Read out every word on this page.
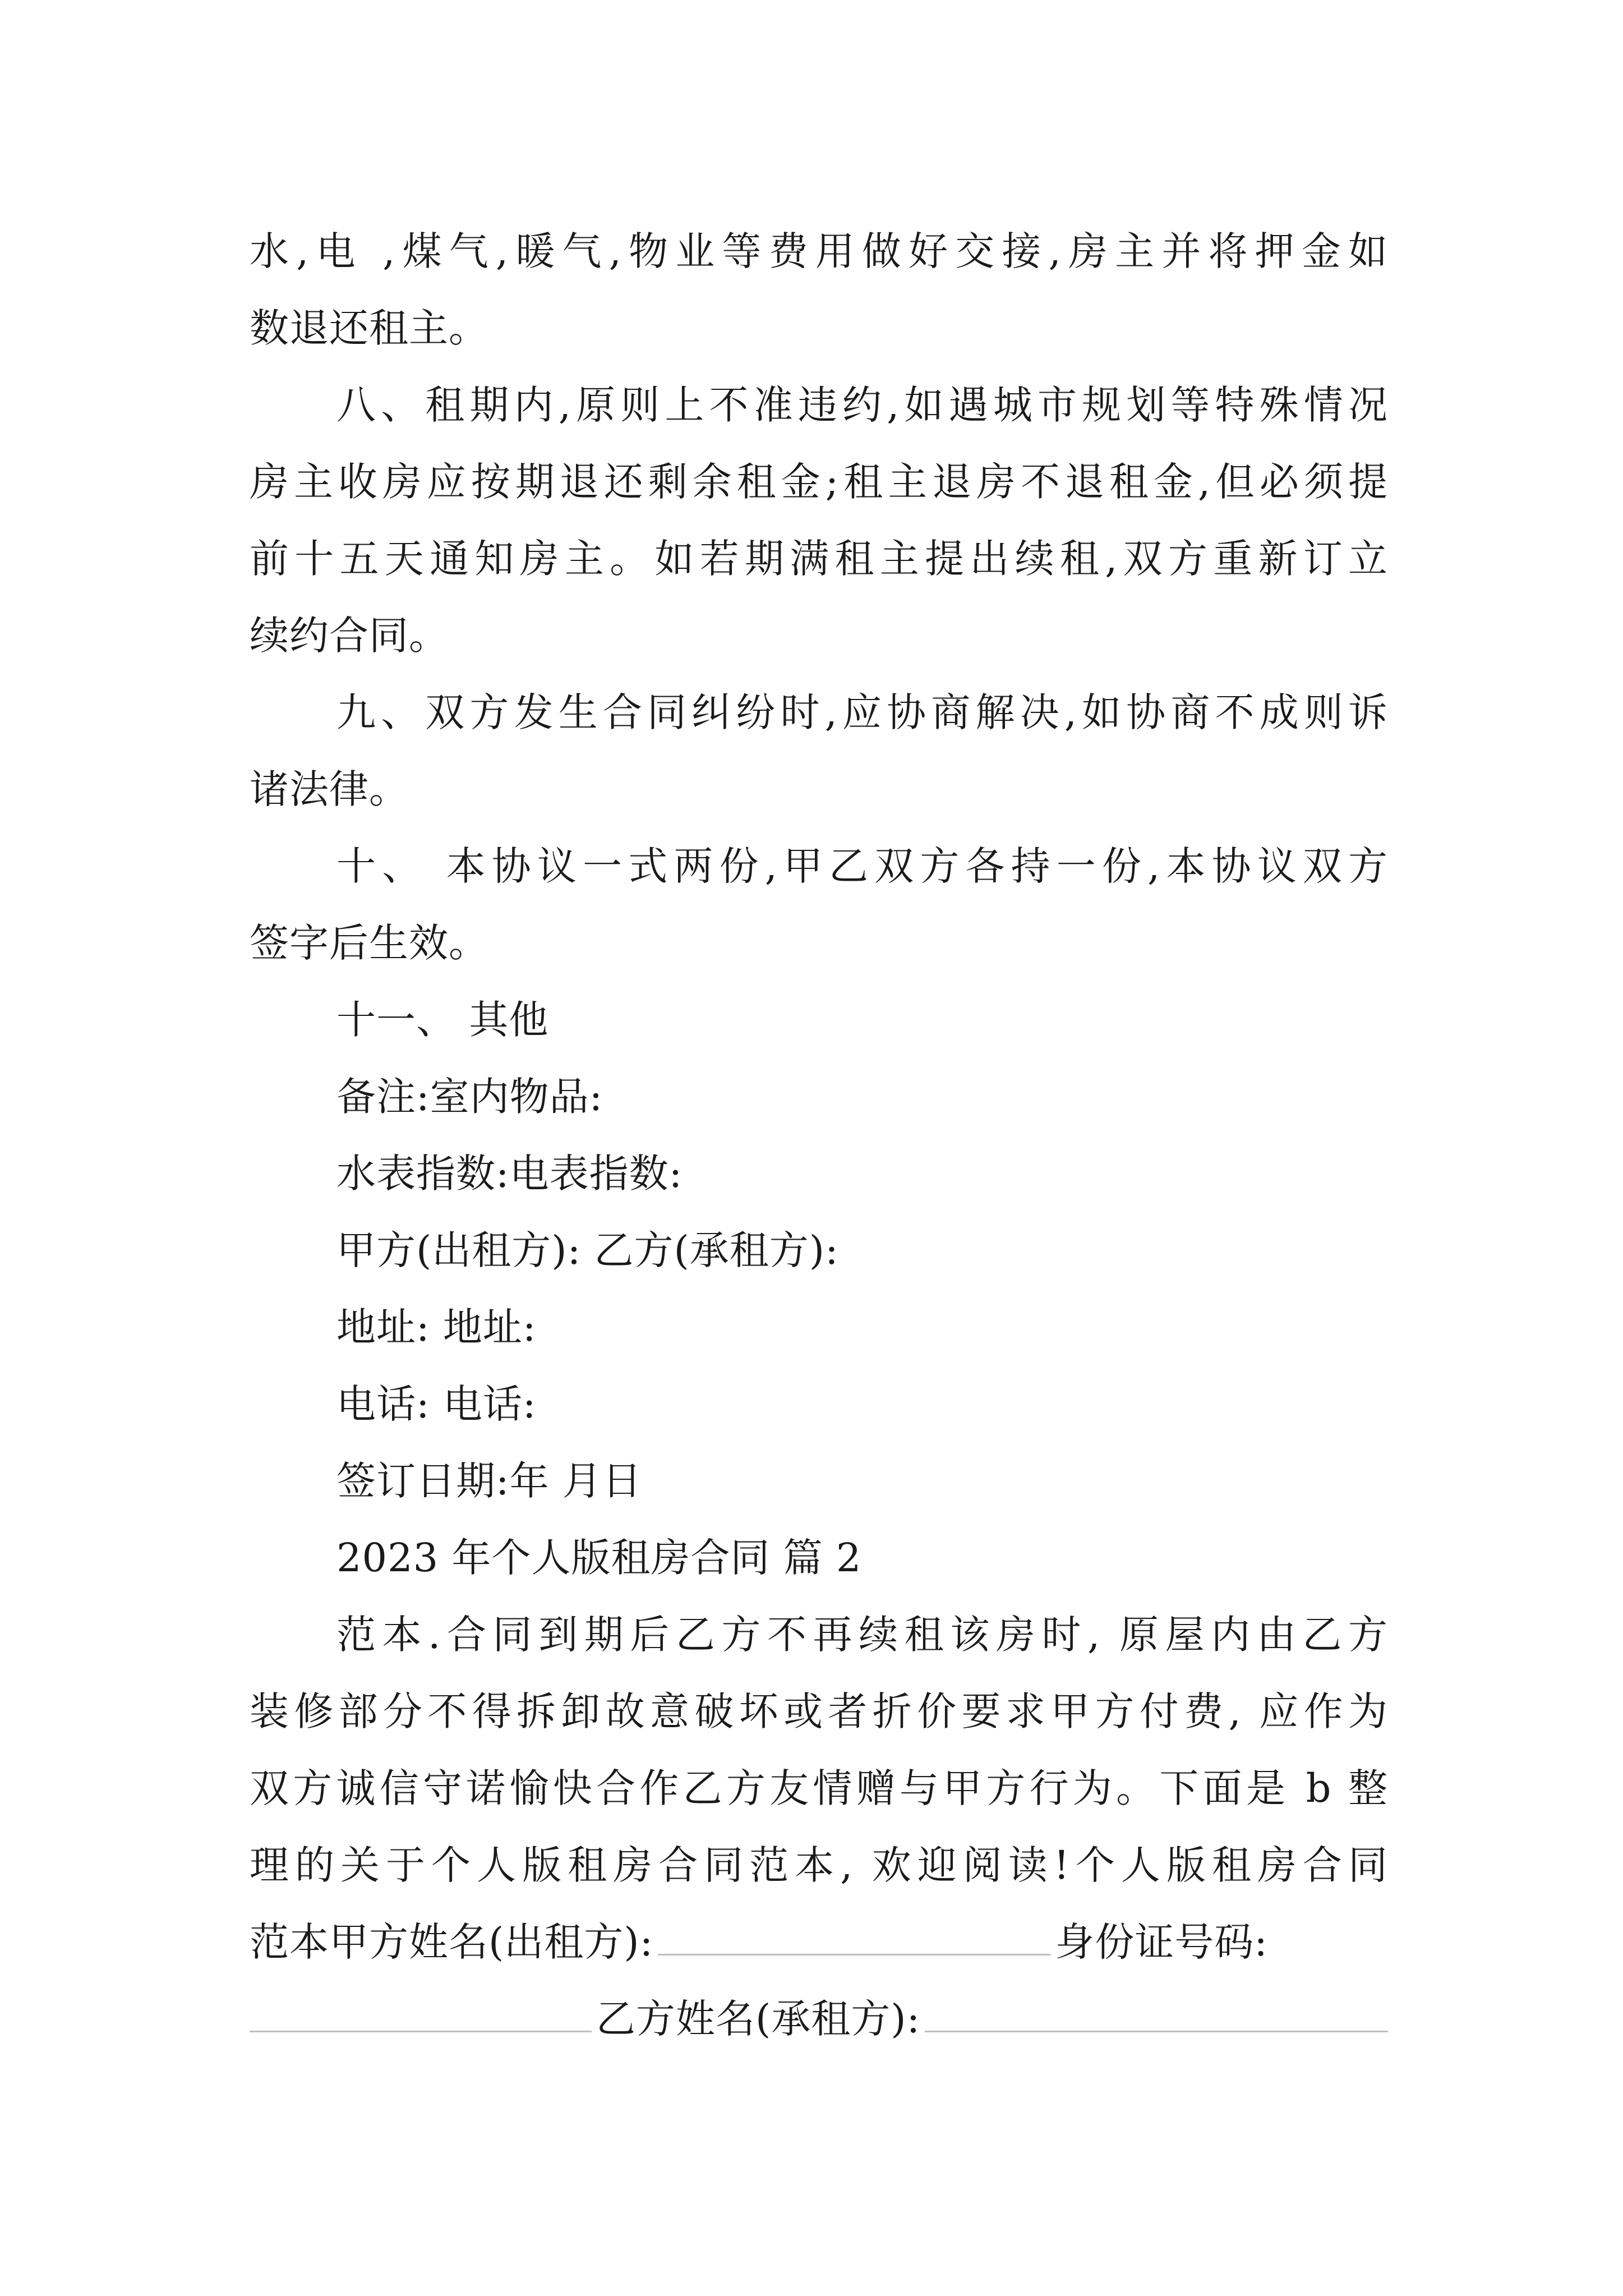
水,电 ,煤气,暖气,物业等费用做好交接,房主并将押金如
数退还租主。
八、租期内,原则上不准违约,如遇城市规划等特殊情况
房主收房应按期退还剩余租金;租主退房不退租金,但必须提
前十五天通知房主。如若期满租主提出续租,双方重新订立
续约合同。
九、双方发生合同纠纷时,应协商解决,如协商不成则诉
诸法律。
十、 本协议一式两份,甲乙双方各持一份,本协议双方
签字后生效。
十一、 其他
备注:室内物品:
水表指数:电表指数:
甲方(出租方): 乙方(承租方):
地址: 地址:
电话: 电话:
签订日期:年 月日
2023 年个人版租房合同 篇 2
范本.合同到期后乙方不再续租该房时, 原屋内由乙方
装修部分不得拆卸故意破坏或者折价要求甲方付费, 应作为
双方诚信守诺愉快合作乙方友情赠与甲方行为。下面是 b 整
理的关于个人版租房合同范本, 欢迎阅读!个人版租房合同
范本甲方姓名(出租方):	身份证号码:
乙方姓名(承租方):
